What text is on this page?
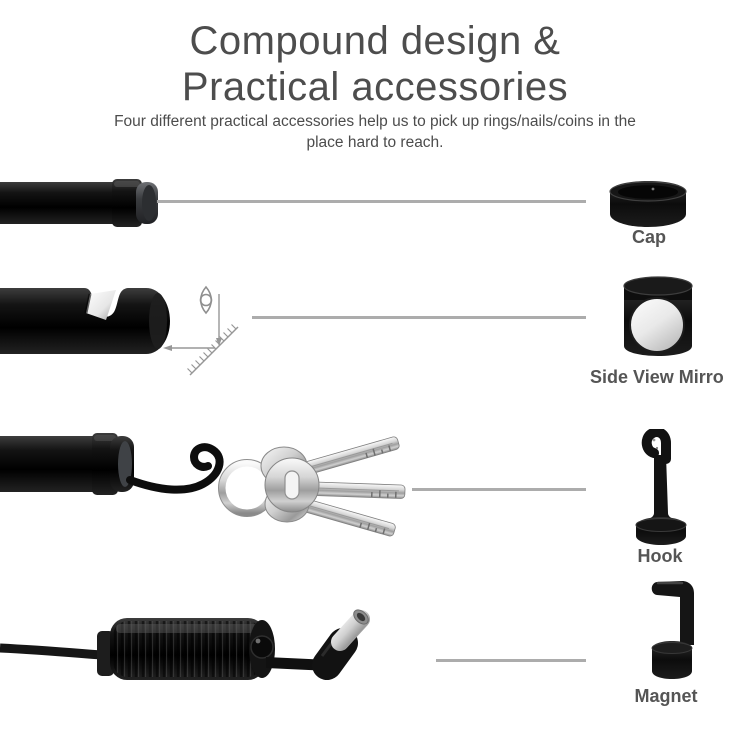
Compound design &
Practical accessories
Four different practical accessories help us to pick up rings/nails/coins in the
place hard to reach.
Cap
Side View Mirro
Hook
Magnet
